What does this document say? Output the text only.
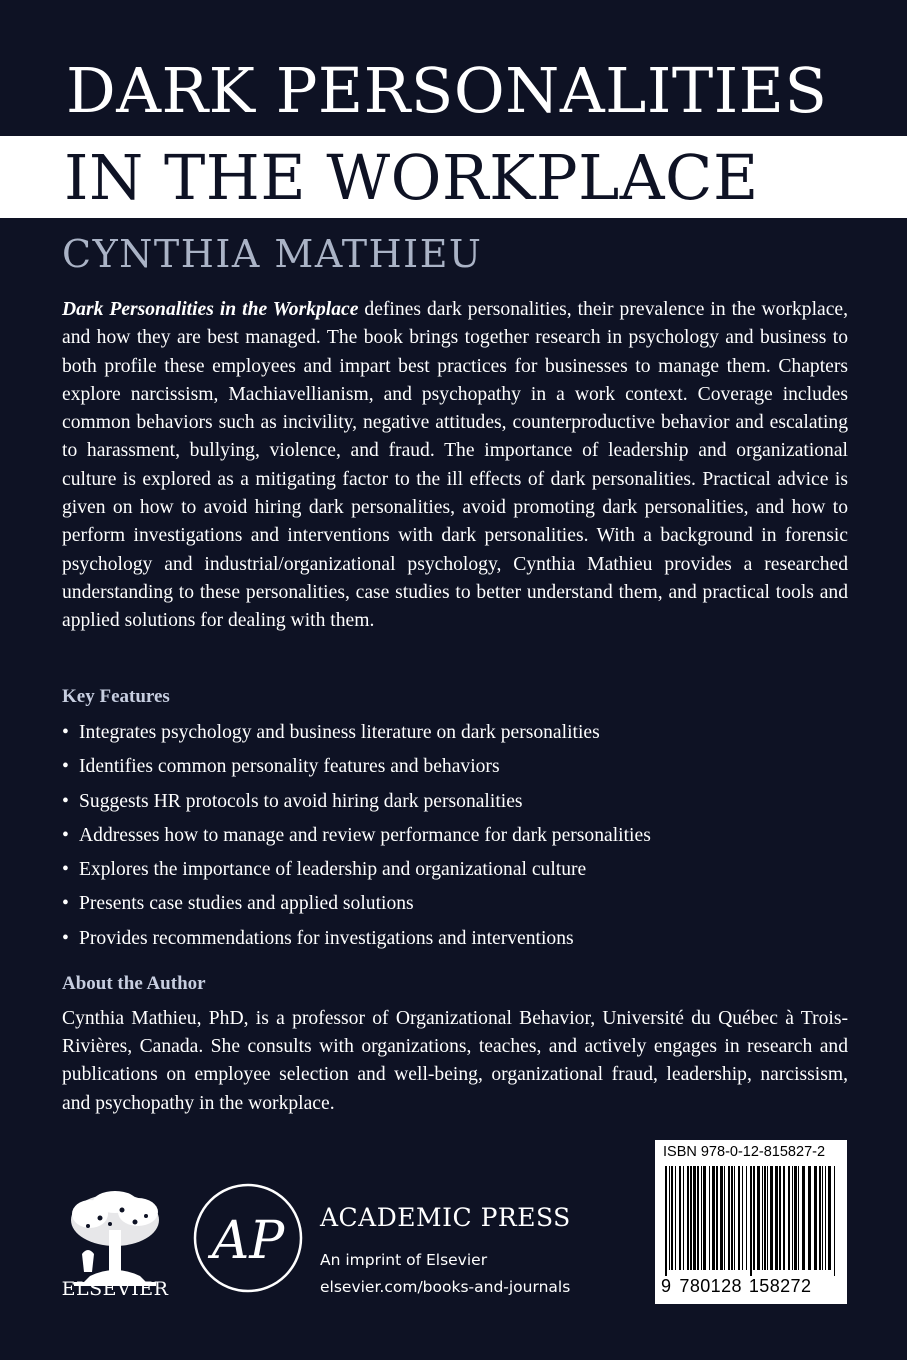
DARK PERSONALITIES
IN THE WORKPLACE
CYNTHIA MATHIEU
Dark Personalities in the Workplace defines dark personalities, their prevalence in the workplace, and how they are best managed. The book brings together research in psychology and business to both profile these employees and impart best practices for businesses to manage them. Chapters explore narcissism, Machiavellianism, and psychopathy in a work context. Coverage includes common behaviors such as incivility, negative attitudes, counterproductive behavior and escalating to harassment, bullying, violence, and fraud. The importance of leadership and organizational culture is explored as a mitigating factor to the ill effects of dark personalities. Practical advice is given on how to avoid hiring dark personalities, avoid promoting dark personalities, and how to perform investigations and interventions with dark personalities. With a background in forensic psychology and industrial/organizational psychology, Cynthia Mathieu provides a researched understanding to these personalities, case studies to better understand them, and practical tools and applied solutions for dealing with them.
Key Features
• Integrates psychology and business literature on dark personalities
• Identifies common personality features and behaviors
• Suggests HR protocols to avoid hiring dark personalities
• Addresses how to manage and review performance for dark personalities
• Explores the importance of leadership and organizational culture
• Presents case studies and applied solutions
• Provides recommendations for investigations and interventions
About the Author
Cynthia Mathieu, PhD, is a professor of Organizational Behavior, Université du Québec à Trois-Rivières, Canada. She consults with organizations, teaches, and actively engages in research and publications on employee selection and well-being, organizational fraud, leadership, narcissism, and psychopathy in the workplace.
ISBN 978-0-12-815827-2
9 780128 158272
ELSEVIER
AP ACADEMIC PRESS
An imprint of Elsevier
elsevier.com/books-and-journals
